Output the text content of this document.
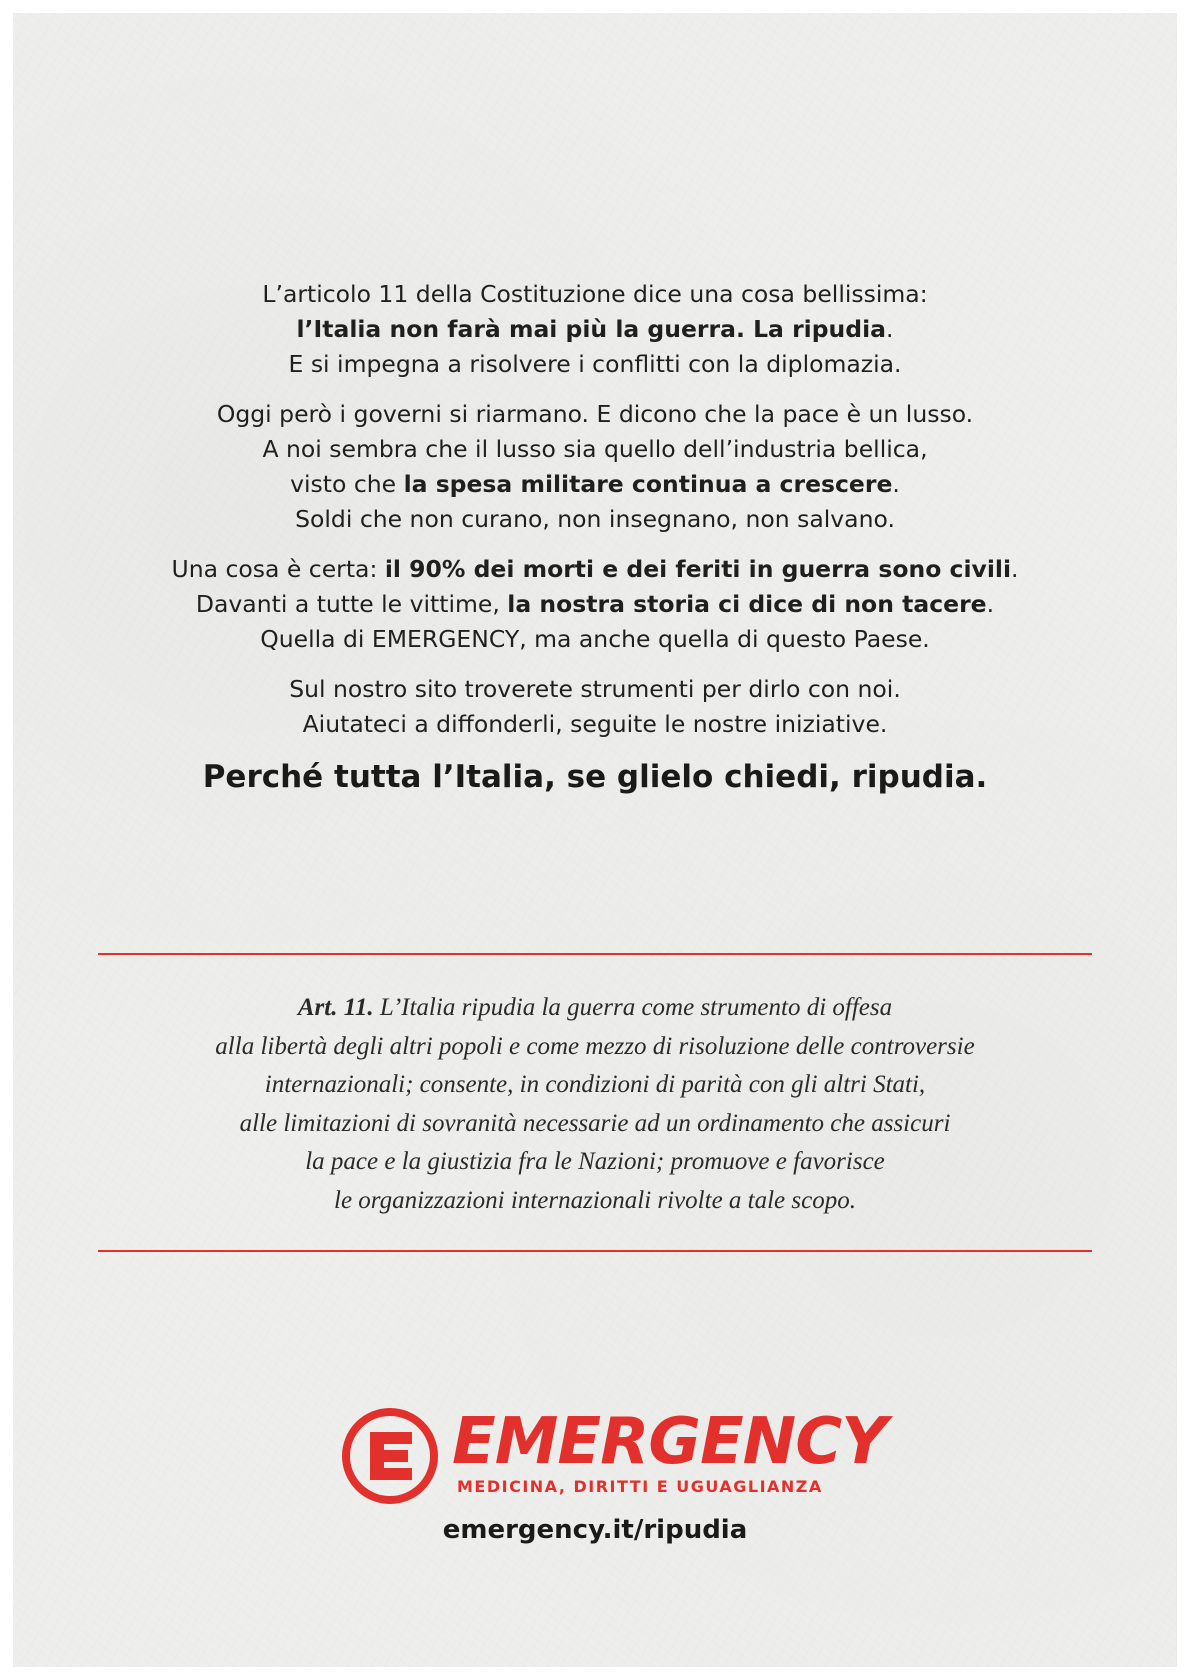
L’articolo 11 della Costituzione dice una cosa bellissima:
l’Italia non farà mai più la guerra. La ripudia.
E si impegna a risolvere i conflitti con la diplomazia.
Oggi però i governi si riarmano. E dicono che la pace è un lusso.
A noi sembra che il lusso sia quello dell’industria bellica,
visto che la spesa militare continua a crescere.
Soldi che non curano, non insegnano, non salvano.
Una cosa è certa: il 90% dei morti e dei feriti in guerra sono civili.
Davanti a tutte le vittime, la nostra storia ci dice di non tacere.
Quella di EMERGENCY, ma anche quella di questo Paese.
Sul nostro sito troverete strumenti per dirlo con noi.
Aiutateci a diffonderli, seguite le nostre iniziative.
Perché tutta l’Italia, se glielo chiedi, ripudia.
Art. 11. L’Italia ripudia la guerra come strumento di offesa
alla libertà degli altri popoli e come mezzo di risoluzione delle controversie
internazionali; consente, in condizioni di parità con gli altri Stati,
alle limitazioni di sovranità necessarie ad un ordinamento che assicuri
la pace e la giustizia fra le Nazioni; promuove e favorisce
le organizzazioni internazionali rivolte a tale scopo.
EMERGENCY
MEDICINA, DIRITTI E UGUAGLIANZA
emergency.it/ripudia
